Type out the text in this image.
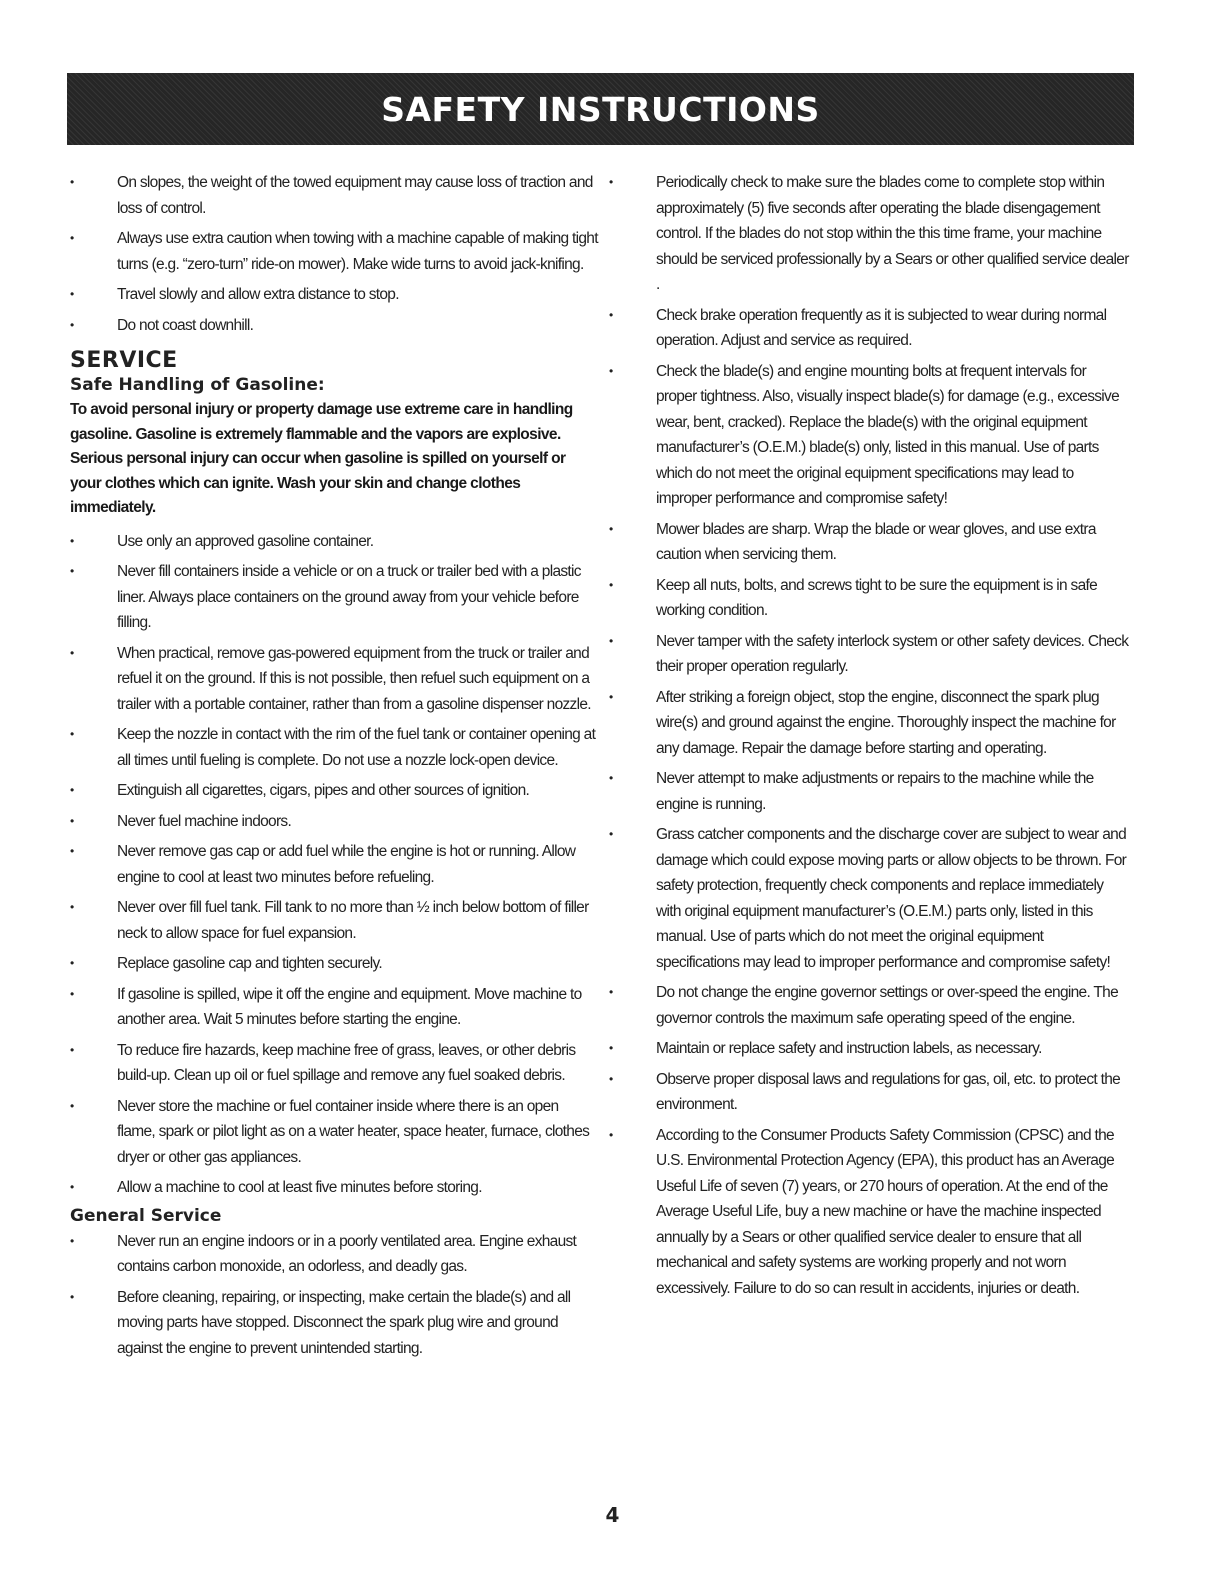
SAFETY INSTRUCTIONS
•	On slopes, the weight of the towed equipment may cause loss of traction and loss of control.
•	Always use extra caution when towing with a machine capable of making tight turns (e.g. “zero-turn” ride-on mower). Make wide turns to avoid jack-knifing.
•	Travel slowly and allow extra distance to stop.
•	Do not coast downhill.
SERVICE
Safe Handling of Gasoline:

To avoid personal injury or property damage use extreme care in handling gasoline. Gasoline is extremely flammable and the vapors are explosive. Serious personal injury can occur when gasoline is spilled on yourself or your clothes which can ignite. Wash your skin and change clothes immediately.

•	Use only an approved gasoline container.
•	Never fill containers inside a vehicle or on a truck or trailer bed with a plastic liner. Always place containers on the ground away from your vehicle before filling.
•	When practical, remove gas-powered equipment from the truck or trailer and refuel it on the ground. If this is not possible, then refuel such equipment on a trailer with a portable container, rather than from a gasoline dispenser nozzle.
•	Keep the nozzle in contact with the rim of the fuel tank or container opening at all times until fueling is complete. Do not use a nozzle lock-open device.
•	Extinguish all cigarettes, cigars, pipes and other sources of ignition.
•	Never fuel machine indoors.
•	Never remove gas cap or add fuel while the engine is hot or running. Allow engine to cool at least two minutes before refueling.
•	Never over fill fuel tank. Fill tank to no more than ½ inch below bottom of filler neck to allow space for fuel expansion.
•	Replace gasoline cap and tighten securely.
•	If gasoline is spilled, wipe it off the engine and equipment. Move machine to another area. Wait 5 minutes before starting the engine.
•	To reduce fire hazards, keep machine free of grass, leaves, or other debris build-up. Clean up oil or fuel spillage and remove any fuel soaked debris.
•	Never store the machine or fuel container inside where there is an open flame, spark or pilot light as on a water heater, space heater, furnace, clothes dryer or other gas appliances.
•	Allow a machine to cool at least five minutes before storing.
General Service
•	Never run an engine indoors or in a poorly ventilated area. Engine exhaust contains carbon monoxide, an odorless, and deadly gas.
•	Before cleaning, repairing, or inspecting, make certain the blade(s) and all moving parts have stopped. Disconnect the spark plug wire and ground against the engine to prevent unintended starting.
•	Periodically check to make sure the blades come to complete stop within approximately (5) five seconds after operating the blade disengagement control. If the blades do not stop within the this time frame, your machine should be serviced professionally by a Sears or other qualified service dealer .
•	Check brake operation frequently as it is subjected to wear during normal operation. Adjust and service as required.
•	Check the blade(s) and engine mounting bolts at frequent intervals for proper tightness. Also, visually inspect blade(s) for damage (e.g., excessive wear, bent, cracked). Replace the blade(s) with the original equipment manufacturer’s (O.E.M.) blade(s) only, listed in this manual. Use of parts which do not meet the original equipment specifications may lead to improper performance and compromise safety!
•	Mower blades are sharp. Wrap the blade or wear gloves, and use extra caution when servicing them.
•	Keep all nuts, bolts, and screws tight to be sure the equipment is in safe working condition.
•	Never tamper with the safety interlock system or other safety devices. Check their proper operation regularly.
•	After striking a foreign object, stop the engine, disconnect the spark plug wire(s) and ground against the engine. Thoroughly inspect the machine for any damage. Repair the damage before starting and operating.
•	Never attempt to make adjustments or repairs to the machine while the engine is running.
•	Grass catcher components and the discharge cover are subject to wear and damage which could expose moving parts or allow objects to be thrown. For safety protection, frequently check components and replace immediately with original equipment manufacturer’s (O.E.M.) parts only, listed in this manual. Use of parts which do not meet the original equipment specifications may lead to improper performance and compromise safety!
•	Do not change the engine governor settings or over-speed the engine. The governor controls the maximum safe operating speed of the engine.
•	Maintain or replace safety and instruction labels, as necessary.
•	Observe proper disposal laws and regulations for gas, oil, etc. to protect the environment.
•	According to the Consumer Products Safety Commission (CPSC) and the U.S. Environmental Protection Agency (EPA), this product has an Average Useful Life of seven (7) years, or 270 hours of operation. At the end of the Average Useful Life, buy a new machine or have the machine inspected annually by a Sears or other qualified service dealer to ensure that all mechanical and safety systems are working properly and not worn excessively. Failure to do so can result in accidents, injuries or death.
4
